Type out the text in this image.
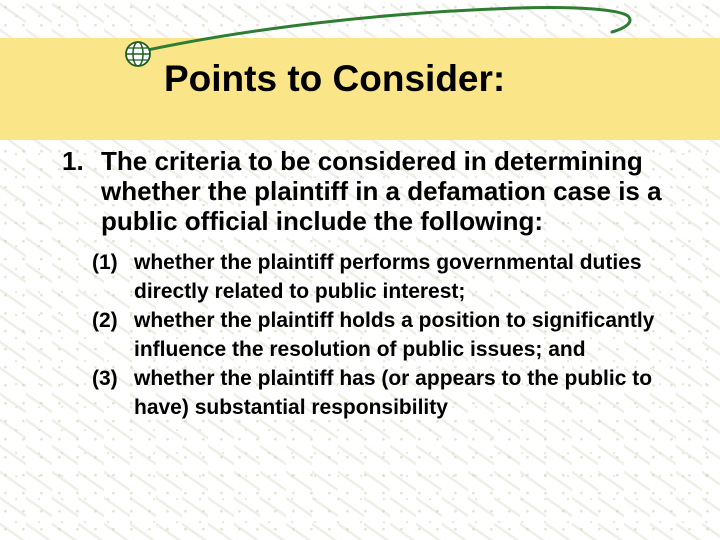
Points to Consider:
1. The criteria to be considered in determining whether the plaintiff in a defamation case is a public official include the following:
(1) whether the plaintiff performs governmental duties directly related to public interest;
(2) whether the plaintiff holds a position to significantly influence the resolution of public issues; and
(3) whether the plaintiff has (or appears to the public to have) substantial responsibility
